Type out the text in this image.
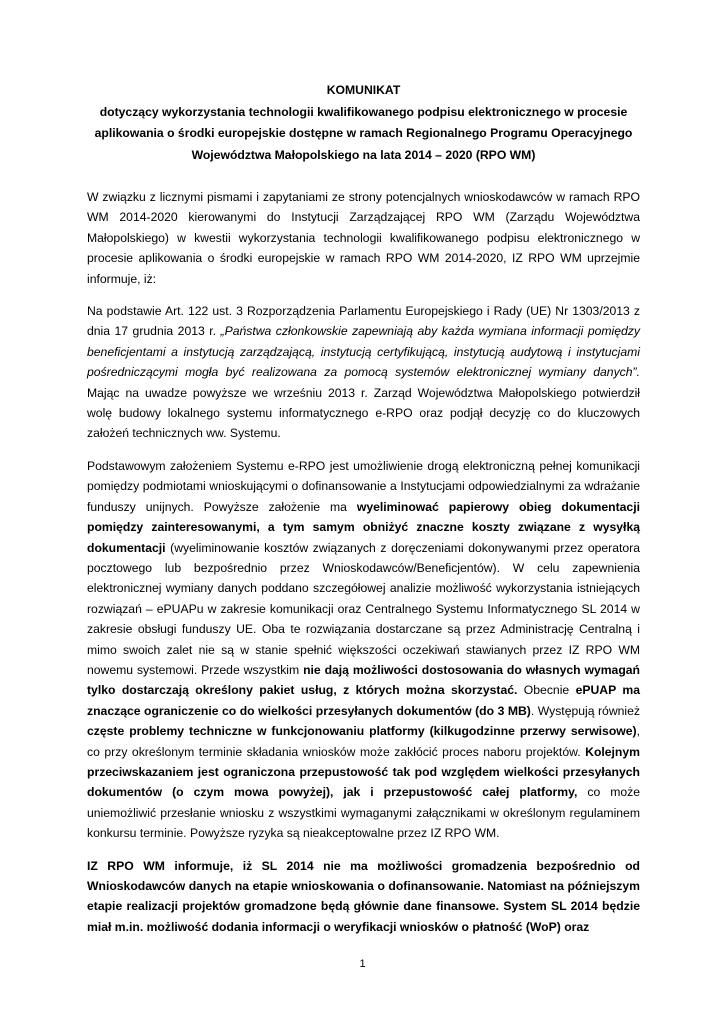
KOMUNIKAT

dotyczący wykorzystania technologii kwalifikowanego podpisu elektronicznego w procesie

aplikowania o środki europejskie dostępne w ramach Regionalnego Programu Operacyjnego

Województwa Małopolskiego na lata 2014 – 2020 (RPO WM)

W związku z licznymi pismami i zapytaniami ze strony potencjalnych wnioskodawców w ramach RPO WM 2014-2020 kierowanymi do Instytucji Zarządzającej RPO WM (Zarządu Województwa Małopolskiego) w kwestii wykorzystania technologii kwalifikowanego podpisu elektronicznego w procesie aplikowania o środki europejskie w ramach RPO WM 2014-2020, IZ RPO WM uprzejmie informuje, iż:

Na podstawie Art. 122 ust. 3 Rozporządzenia Parlamentu Europejskiego i Rady (UE) Nr 1303/2013 z dnia 17 grudnia 2013 r. „Państwa członkowskie zapewniają aby każda wymiana informacji pomiędzy beneficjentami a instytucją zarządzającą, instytucją certyfikującą, instytucją audytową i instytucjami pośredniczącymi mogła być realizowana za pomocą systemów elektronicznej wymiany danych”. Mając na uwadze powyższe we wrześniu 2013 r. Zarząd Województwa Małopolskiego potwierdził wolę budowy lokalnego systemu informatycznego e-RPO oraz podjął decyzję co do kluczowych założeń technicznych ww. Systemu.

Podstawowym założeniem Systemu e-RPO jest umożliwienie drogą elektroniczną pełnej komunikacji pomiędzy podmiotami wnioskującymi o dofinansowanie a Instytucjami odpowiedzialnymi za wdrażanie funduszy unijnych. Powyższe założenie ma wyeliminować papierowy obieg dokumentacji pomiędzy zainteresowanymi, a tym samym obniżyć znaczne koszty związane z wysyłką dokumentacji (wyeliminowanie kosztów związanych z doręczeniami dokonywanymi przez operatora pocztowego lub bezpośrednio przez Wnioskodawców/Beneficjentów). W celu zapewnienia elektronicznej wymiany danych poddano szczegółowej analizie możliwość wykorzystania istniejących rozwiązań – ePUAPu w zakresie komunikacji oraz Centralnego Systemu Informatycznego SL 2014 w zakresie obsługi funduszy UE. Oba te rozwiązania dostarczane są przez Administrację Centralną i mimo swoich zalet nie są w stanie spełnić większości oczekiwań stawianych przez IZ RPO WM nowemu systemowi. Przede wszystkim nie dają możliwości dostosowania do własnych wymagań tylko dostarczają określony pakiet usług, z których można skorzystać. Obecnie ePUAP ma znaczące ograniczenie co do wielkości przesyłanych dokumentów (do 3 MB). Występują również częste problemy techniczne w funkcjonowaniu platformy (kilkugodzinne przerwy serwisowe), co przy określonym terminie składania wniosków może zakłócić proces naboru projektów. Kolejnym przeciwskazaniem jest ograniczona przepustowość tak pod względem wielkości przesyłanych dokumentów (o czym mowa powyżej), jak i przepustowość całej platformy, co może uniemożliwić przesłanie wniosku z wszystkimi wymaganymi załącznikami w określonym regulaminem konkursu terminie. Powyższe ryzyka są nieakceptowalne przez IZ RPO WM.

IZ RPO WM informuje, iż SL 2014 nie ma możliwości gromadzenia bezpośrednio od Wnioskodawców danych na etapie wnioskowania o dofinansowanie. Natomiast na późniejszym etapie realizacji projektów gromadzone będą głównie dane finansowe. System SL 2014 będzie miał m.in. możliwość dodania informacji o weryfikacji wniosków o płatność (WoP) oraz

1
